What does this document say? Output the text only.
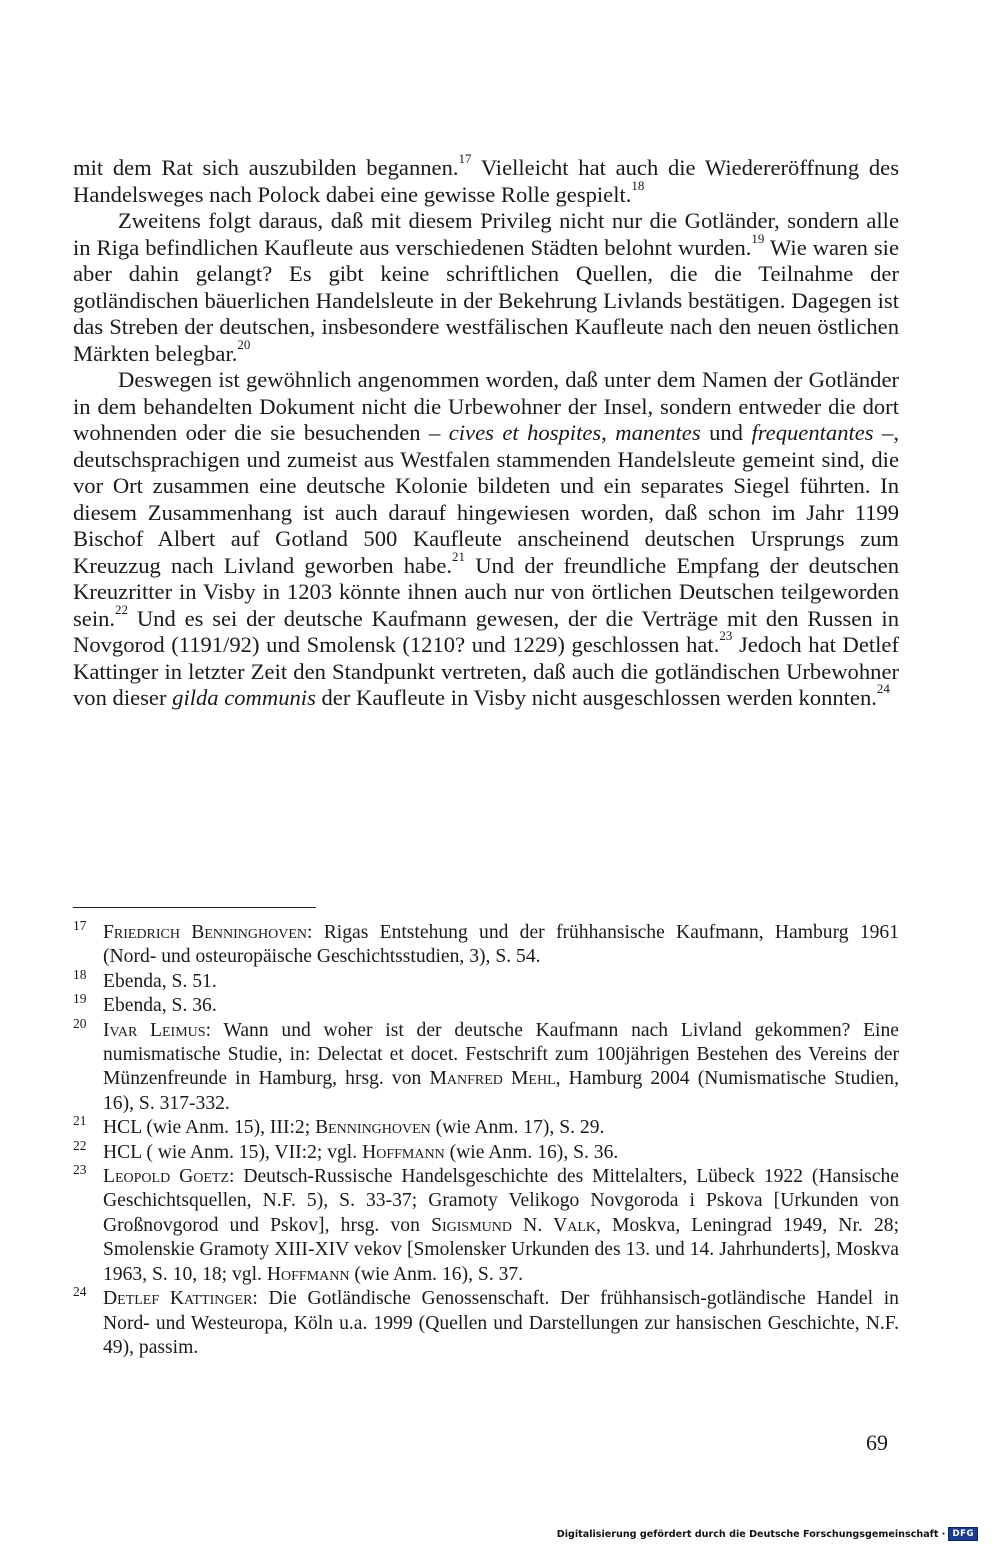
mit dem Rat sich auszubilden begannen.$^{17}$ Vielleicht hat auch die Wiedereröffnung des Handelsweges nach Polock dabei eine gewisse Rolle gespielt.$^{18}$

Zweitens folgt daraus, daß mit diesem Privileg nicht nur die Gotländer, sondern alle in Riga befindlichen Kaufleute aus verschiedenen Städten belohnt wurden.$^{19}$ Wie waren sie aber dahin gelangt? Es gibt keine schriftlichen Quellen, die die Teilnahme der gotländischen bäuerlichen Handelsleute in der Bekehrung Livlands bestätigen. Dagegen ist das Streben der deutschen, insbesondere westfälischen Kaufleute nach den neuen östlichen Märkten belegbar.$^{20}$

Deswegen ist gewöhnlich angenommen worden, daß unter dem Namen der Gotländer in dem behandelten Dokument nicht die Urbewohner der Insel, sondern entweder die dort wohnenden oder die sie besuchenden – cives et hospites, manentes und frequentantes –, deutschsprachigen und zumeist aus Westfalen stammenden Handelsleute gemeint sind, die vor Ort zusammen eine deutsche Kolonie bildeten und ein separates Siegel führten. In diesem Zusammenhang ist auch darauf hingewiesen worden, daß schon im Jahr 1199 Bischof Albert auf Gotland 500 Kaufleute anscheinend deutschen Ursprungs zum Kreuzzug nach Livland geworben habe.$^{21}$ Und der freundliche Empfang der deutschen Kreuzritter in Visby in 1203 könnte ihnen auch nur von örtlichen Deutschen teilgeworden sein.$^{22}$ Und es sei der deutsche Kaufmann gewesen, der die Verträge mit den Russen in Novgorod (1191/92) und Smolensk (1210? und 1229) geschlossen hat.$^{23}$ Jedoch hat Detlef Kattinger in letzter Zeit den Standpunkt vertreten, daß auch die gotländischen Urbewohner von dieser gilda communis der Kaufleute in Visby nicht ausgeschlossen werden konnten.$^{24}$

17 Friedrich Benninghoven: Rigas Entstehung und der frühhansische Kaufmann, Hamburg 1961 (Nord- und osteuropäische Geschichtsstudien, 3), S. 54.
18 Ebenda, S. 51.
19 Ebenda, S. 36.
20 Ivar Leimus: Wann und woher ist der deutsche Kaufmann nach Livland gekommen? Eine numismatische Studie, in: Delectat et docet. Festschrift zum 100jährigen Bestehen des Vereins der Münzenfreunde in Hamburg, hrsg. von Manfred Mehl, Hamburg 2004 (Numismatische Studien, 16), S. 317-332.
21 HCL (wie Anm. 15), III:2; Benninghoven (wie Anm. 17), S. 29.
22 HCL ( wie Anm. 15), VII:2; vgl. Hoffmann (wie Anm. 16), S. 36.
23 Leopold Goetz: Deutsch-Russische Handelsgeschichte des Mittelalters, Lübeck 1922 (Hansische Geschichtsquellen, N.F. 5), S. 33-37; Gramoty Velikogo Novgoroda i Pskova [Urkunden von Großnovgorod und Pskov], hrsg. von Sigismund N. Valk, Moskva, Leningrad 1949, Nr. 28; Smolenskie Gramoty XIII-XIV vekov [Smolensker Urkunden des 13. und 14. Jahrhunderts], Moskva 1963, S. 10, 18; vgl. Hoffmann (wie Anm. 16), S. 37.
24 Detlef Kattinger: Die Gotländische Genossenschaft. Der frühhansisch-gotländische Handel in Nord- und Westeuropa, Köln u.a. 1999 (Quellen und Darstellungen zur hansischen Geschichte, N.F. 49), passim.
69
Digitalisierung gefördert durch die Deutsche Forschungsgemeinschaft · DFG
